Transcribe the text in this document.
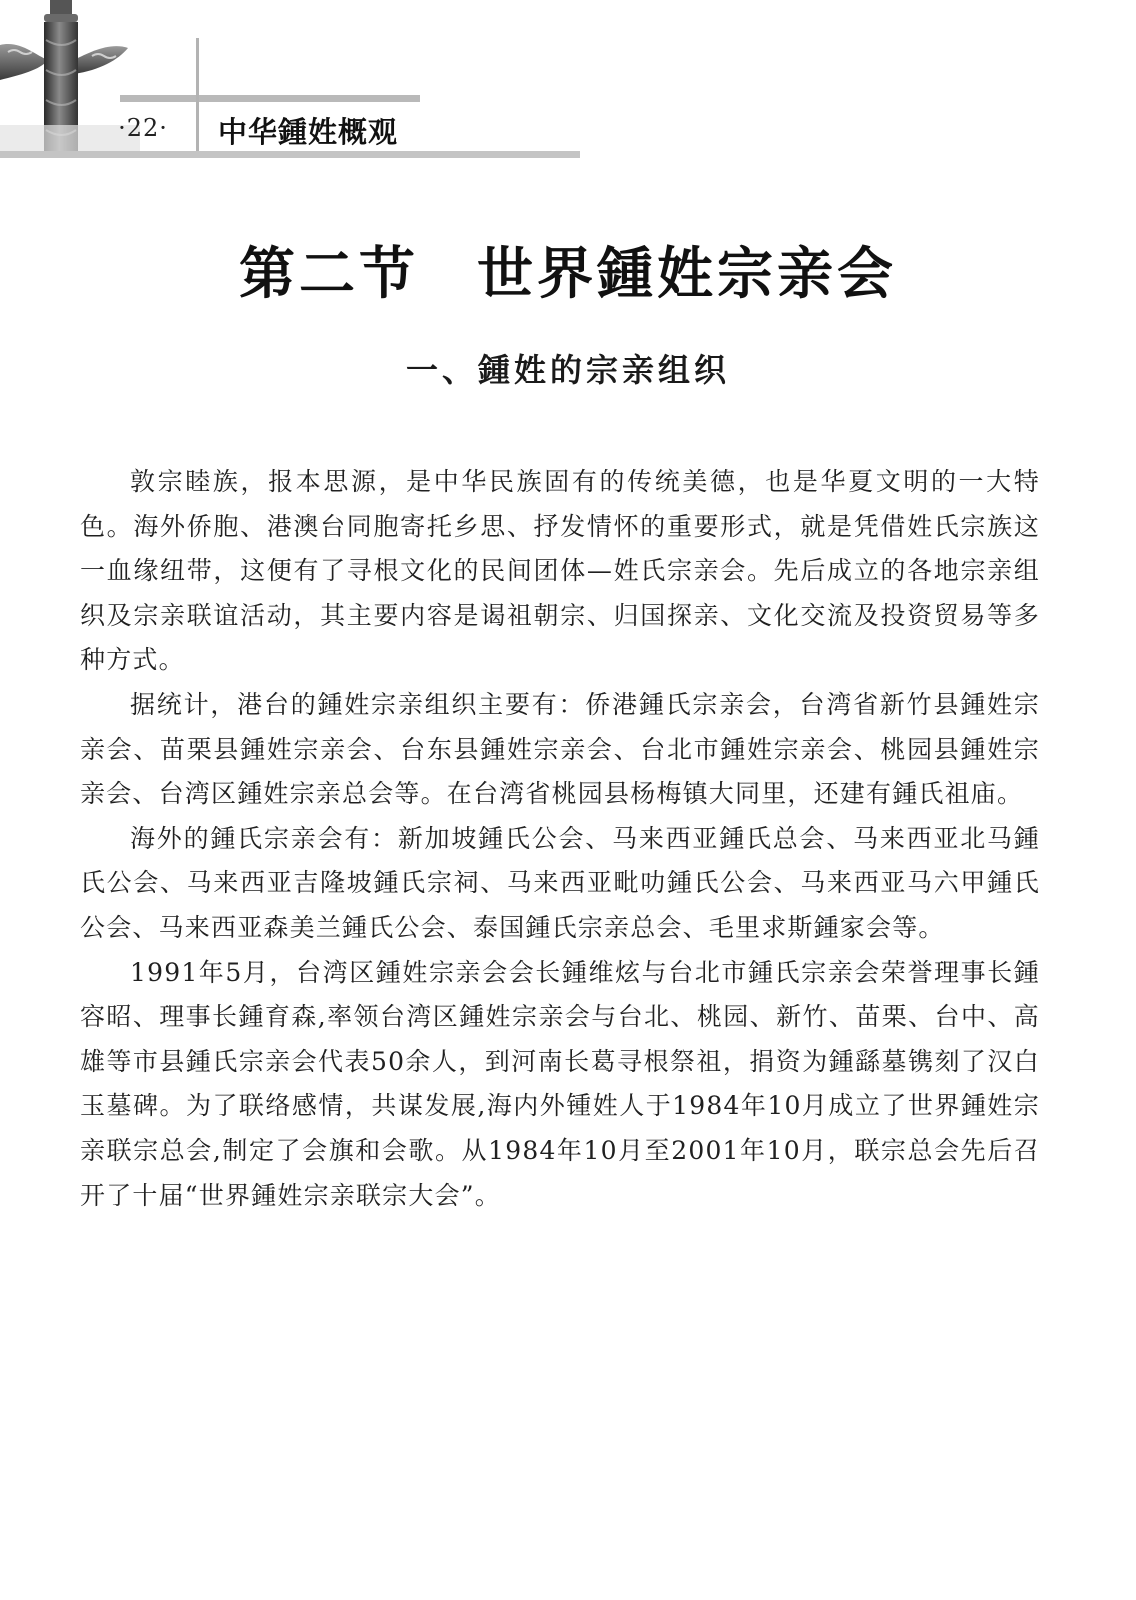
·22·	中华鍾姓概观
第二节 世界鍾姓宗亲会
一、鍾姓的宗亲组织

敦宗睦族，报本思源，是中华民族固有的传统美德，也是华夏文明的一大特色。海外侨胞、港澳台同胞寄托乡思、抒发情怀的重要形式，就是凭借姓氏宗族这一血缘纽带，这便有了寻根文化的民间团体—姓氏宗亲会。先后成立的各地宗亲组织及宗亲联谊活动，其主要内容是谒祖朝宗、归国探亲、文化交流及投资贸易等多种方式。

据统计，港台的鍾姓宗亲组织主要有：侨港鍾氏宗亲会，台湾省新竹县鍾姓宗亲会、苗栗县鍾姓宗亲会、台东县鍾姓宗亲会、台北市鍾姓宗亲会、桃园县鍾姓宗亲会、台湾区鍾姓宗亲总会等。在台湾省桃园县杨梅镇大同里，还建有鍾氏祖庙。

海外的鍾氏宗亲会有：新加坡鍾氏公会、马来西亚鍾氏总会、马来西亚北马鍾氏公会、马来西亚吉隆坡鍾氏宗祠、马来西亚毗叻鍾氏公会、马来西亚马六甲鍾氏公会、马来西亚森美兰鍾氏公会、泰国鍾氏宗亲总会、毛里求斯鍾家会等。

1991年5月，台湾区鍾姓宗亲会会长鍾维炫与台北市鍾氏宗亲会荣誉理事长鍾容昭、理事长鍾育森,率领台湾区鍾姓宗亲会与台北、桃园、新竹、苗栗、台中、高雄等市县鍾氏宗亲会代表50余人，到河南长葛寻根祭祖，捐资为鍾繇墓镌刻了汉白玉墓碑。为了联络感情，共谋发展,海内外锺姓人于1984年10月成立了世界鍾姓宗亲联宗总会,制定了会旗和会歌。从1984年10月至2001年10月，联宗总会先后召开了十届“世界鍾姓宗亲联宗大会”。
